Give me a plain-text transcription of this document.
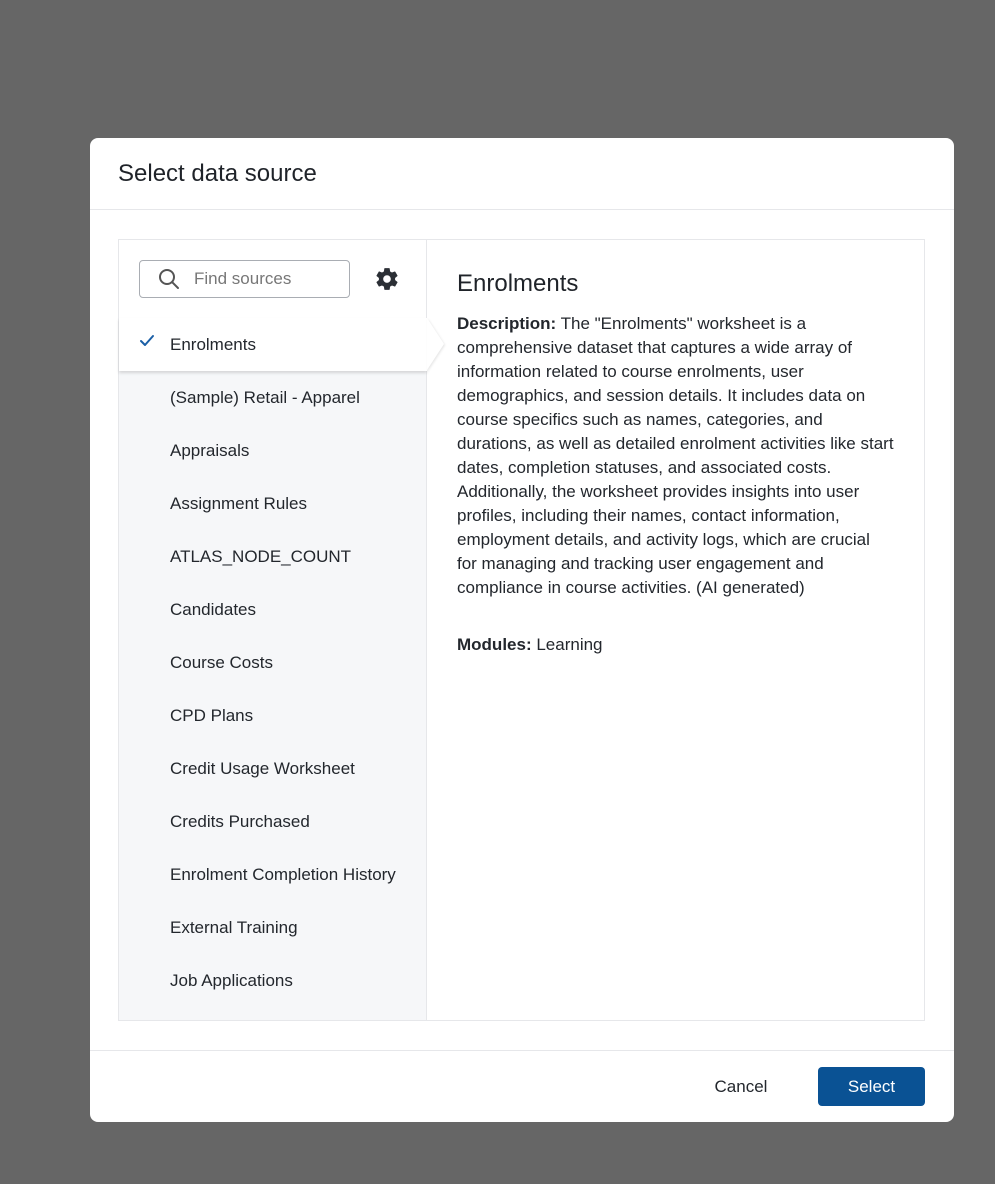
Select data source
Find sources
Enrolments
(Sample) Retail - Apparel
Appraisals
Assignment Rules
ATLAS_NODE_COUNT
Candidates
Course Costs
CPD Plans
Credit Usage Worksheet
Credits Purchased
Enrolment Completion History
External Training
Job Applications
Enrolments

Description: The "Enrolments" worksheet is a comprehensive dataset that captures a wide array of information related to course enrolments, user demographics, and session details. It includes data on course specifics such as names, categories, and durations, as well as detailed enrolment activities like start dates, completion statuses, and associated costs. Additionally, the worksheet provides insights into user profiles, including their names, contact information, employment details, and activity logs, which are crucial for managing and tracking user engagement and compliance in course activities. (AI generated)

Modules: Learning

Cancel	Select
